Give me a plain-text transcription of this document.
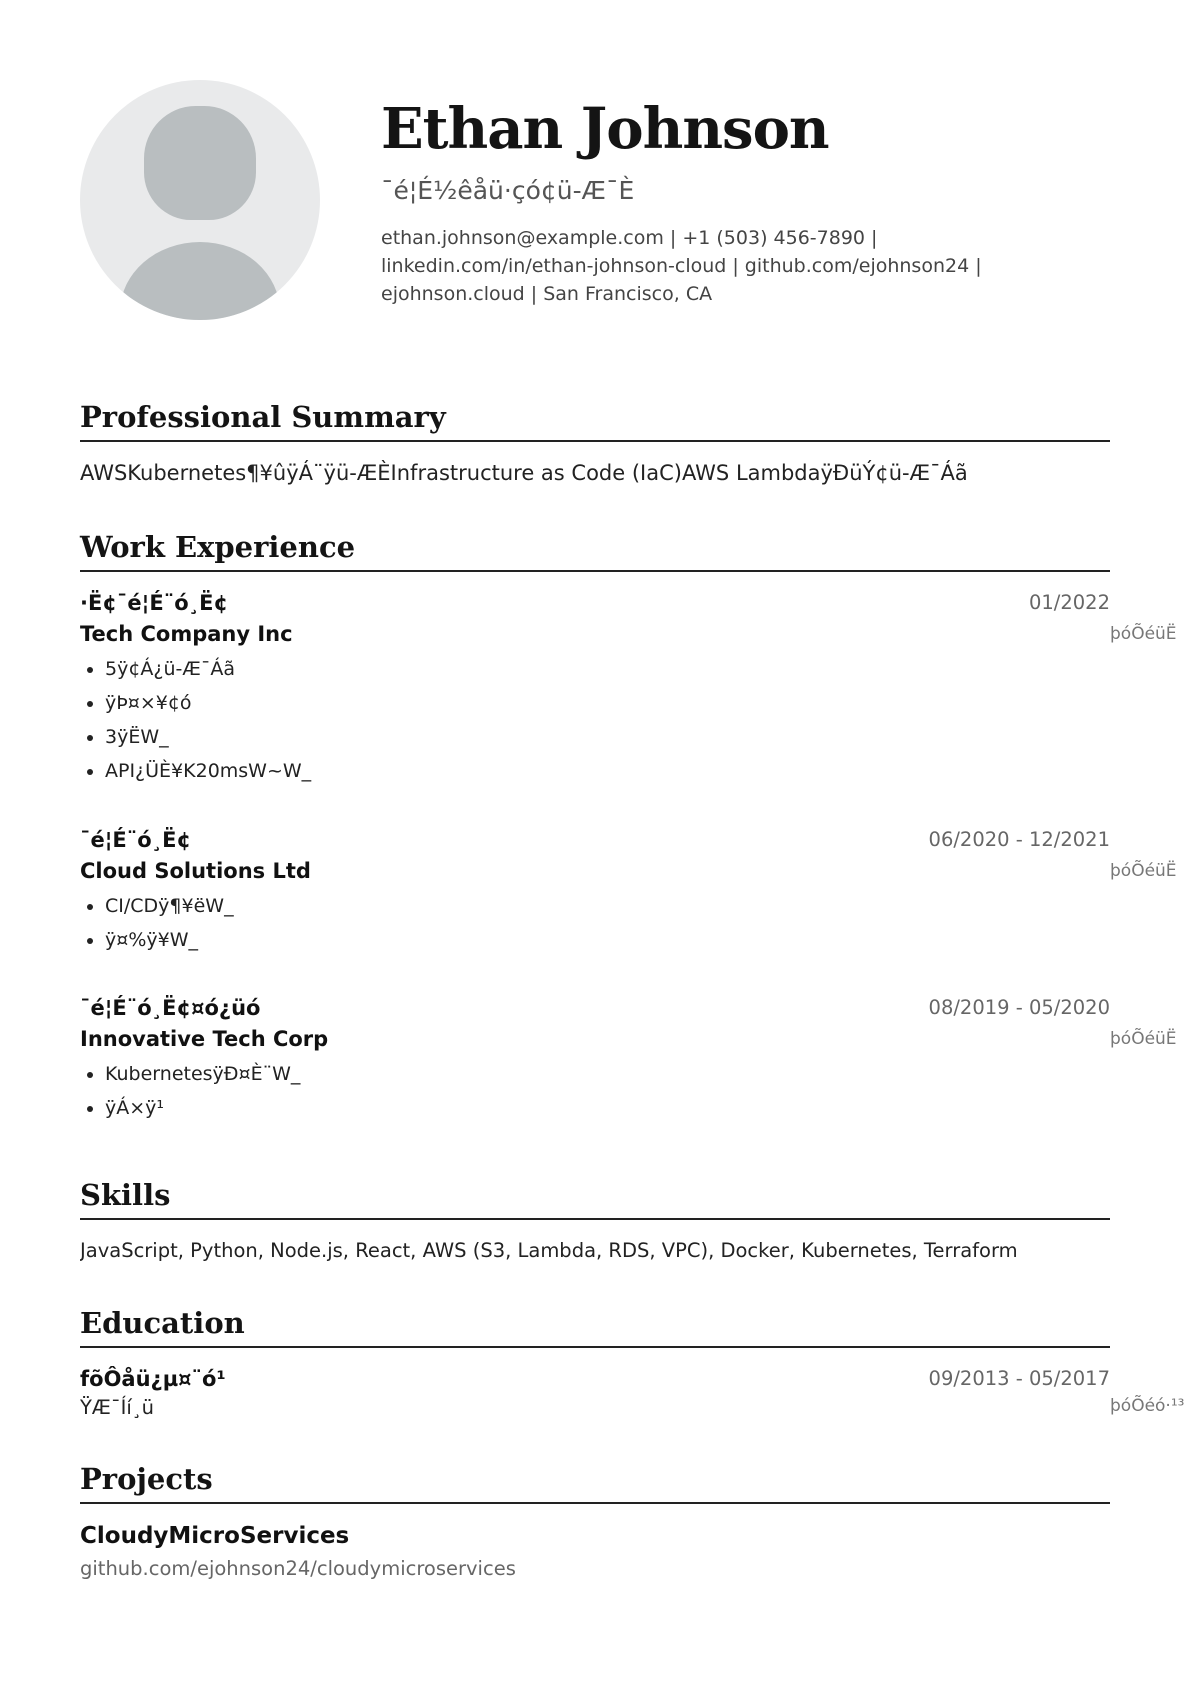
Ethan Johnson
¯é¦É½êåü·çó¢ü-Æ¯È
ethan.johnson@example.com | +1 (503) 456-7890 |
linkedin.com/in/ethan-johnson-cloud | github.com/ejohnson24 |
ejohnson.cloud | San Francisco, CA
Professional Summary
AWSKubernetes¶¥ûÿÁ¨ÿü-ÆÈInfrastructure as Code (IaC)AWS LambdaÿÐüÝ¢ü-Æ¯Áã
Work Experience
·Ë¢¯é¦É¨ó¸Ë¢
Tech Company Inc
01/2022
þóÕéüË
• 5ÿ¢Á¿ü-Æ¯Áã
• ÿÞ¤×¥¢ó
• 3ÿËW_
• API¿ÜÈ¥K20msW~W_
¯é¦É¨ó¸Ë¢
Cloud Solutions Ltd
06/2020 - 12/2021
þóÕéüË
• CI/CDÿ¶¥ëW_
• ÿ¤%ÿ¥W_
¯é¦É¨ó¸Ë¢¤ó¿üó
Innovative Tech Corp
08/2019 - 05/2020
þóÕéüË
• KubernetesÿÐ¤È¨W_
• ÿÁ×ÿ¹
Skills
JavaScript, Python, Node.js, React, AWS (S3, Lambda, RDS, VPC), Docker, Kubernetes, Terraform
Education
fõÔåü¿µ¤¨ó¹	09/2013 - 05/2017
ŸÆ¯Íí¸ü	þóÕéó·¹³
Projects
CloudyMicroServices
github.com/ejohnson24/cloudymicroservices
